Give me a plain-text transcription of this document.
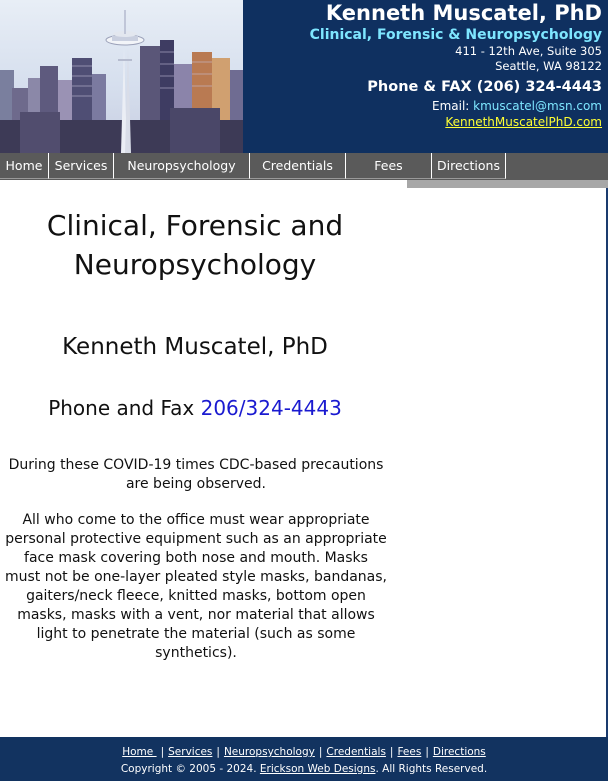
Kenneth Muscatel, PhD
Clinical, Forensic & Neuropsychology
411 - 12th Ave, Suite 305
Seattle, WA 98122
Phone & FAX (206) 324-4443
Email: kmuscatel@msn.com
KennethMuscatelPhD.com
Home Services	Neuropsychology	Credentials	Fees	Directions
Clinical, Forensic and Neuropsychology
Kenneth Muscatel, PhD
Phone and Fax 206/324-4443

During these COVID-19 times CDC-based precautions are being observed.

All who come to the office must wear appropriate personal protective equipment such as an appropriate face mask covering both nose and mouth. Masks must not be one-layer pleated style masks, bandanas, gaiters/neck fleece, knitted masks, bottom open masks, masks with a vent, nor material that allows light to penetrate the material (such as some synthetics).

Home | Services | Neuropsychology | Credentials | Fees | Directions
Copyright © 2005 - 2024. Erickson Web Designs. All Rights Reserved.
